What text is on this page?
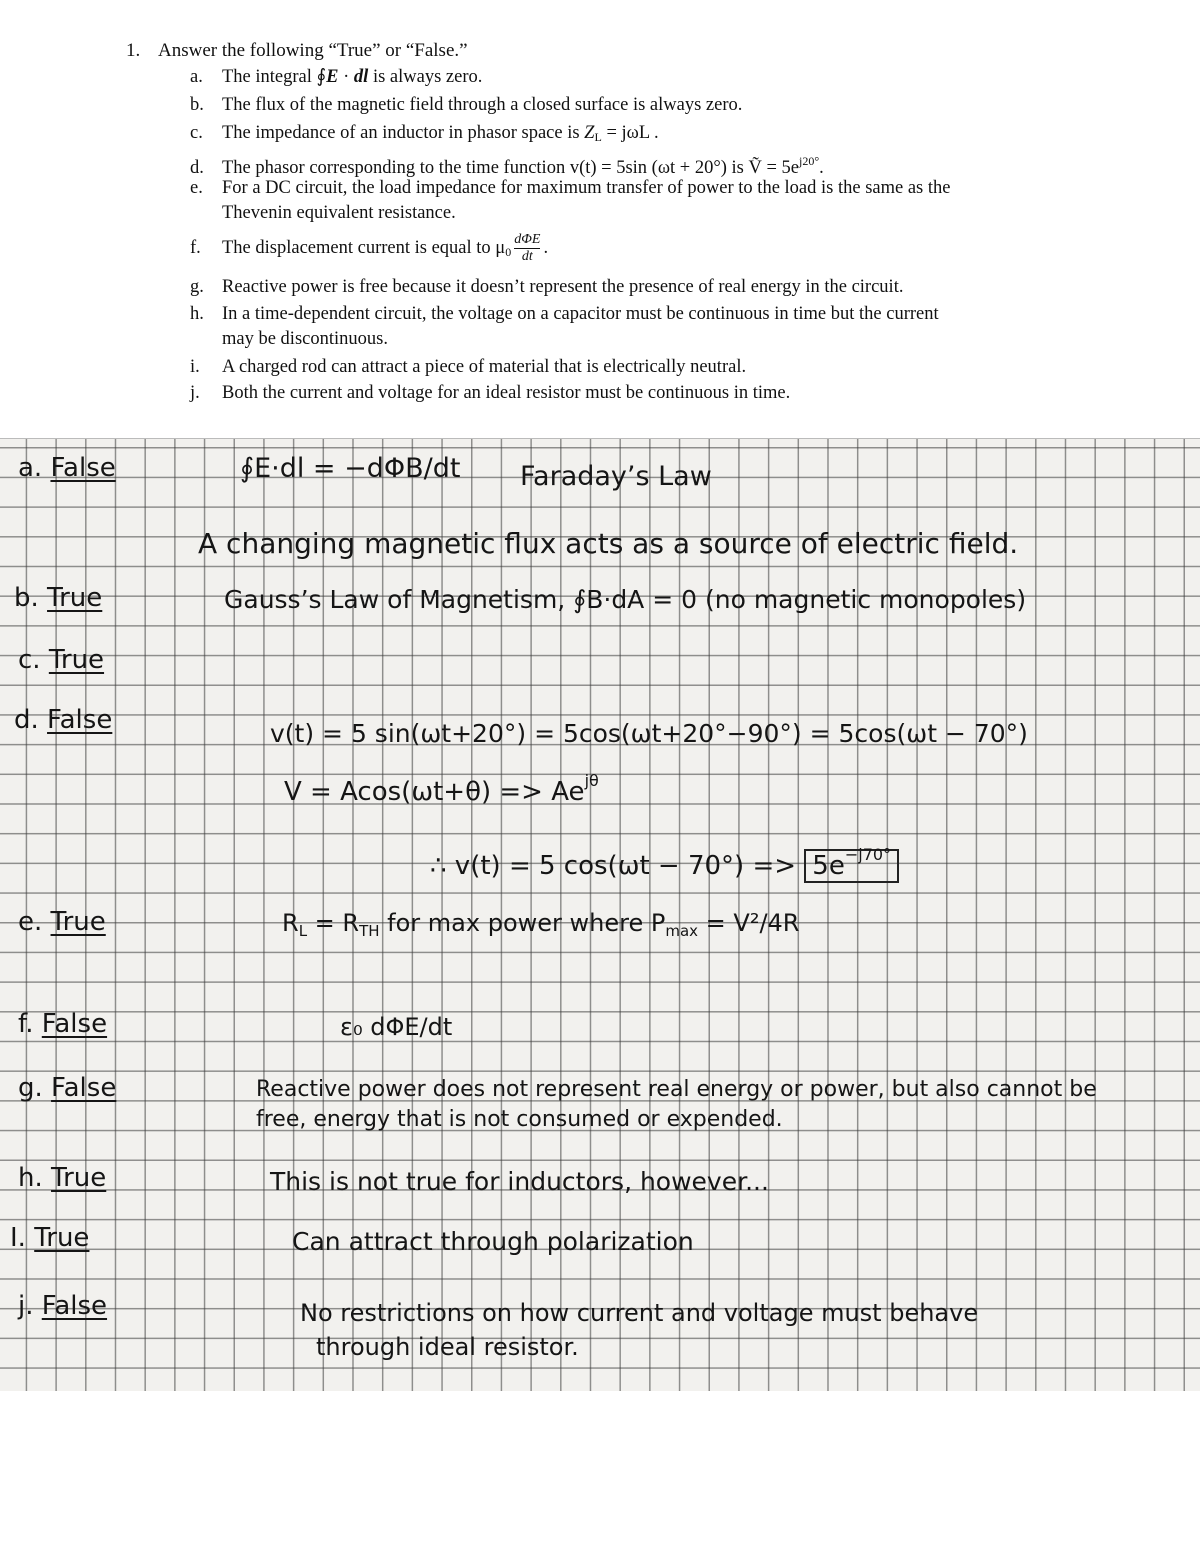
1. Answer the following “True” or “False.”
a. The integral ∮E · dl is always zero.
b. The flux of the magnetic field through a closed surface is always zero.
c. The impedance of an inductor in phasor space is $Z_L = j\omega L$ .
d. The phasor corresponding to the time function v(t) = 5sin (ωt + 20°) is Ṽ = $5e^{j20^\circ}$.
e. For a DC circuit, the load impedance for maximum transfer of power to the load is the same as the
Thevenin equivalent resistance.
f. The displacement current is equal to $\mu_0 \frac{\text{dΦE}}{dt}$ .
g. Reactive power is free because it doesn’t represent the presence of real energy in the circuit.
h. In a time-dependent circuit, the voltage on a capacitor must be continuous in time but the current
may be discontinuous.
i. A charged rod can attract a piece of material that is electrically neutral.
j. Both the current and voltage for an ideal resistor must be continuous in time.
a. False
b. True
c. True
d. False
e. True
f. False
g. False
h. True
I. True
j. False
∮E·dl = −dΦB/dt Faraday’s Law
A changing magnetic flux acts as a source of electric field.
Gauss’s Law of Magnetism, ∮B·dA = 0 (no magnetic monopoles)
v(t) = 5 sin(ωt+20°) = 5cos(ωt+20°−90°) = 5cos(ωt − 70°)
$V = Acos(\omega t+\theta) => Ae^{j\theta}$
∴ v(t) = 5 $\cos(\omega t - 70^\circ) => 5e^{-j70^\circ}$
$R_L = R_{TH}$ for max power where $P_{max} = V^2/4R$
ε₀ dΦE/dt
Reactive power does not represent real energy or power, but also cannot be
free, energy that is not consumed or expended.
This is not true for inductors, however...
Can attract through polarization
No restrictions on how current and voltage must behave
through ideal resistor.
